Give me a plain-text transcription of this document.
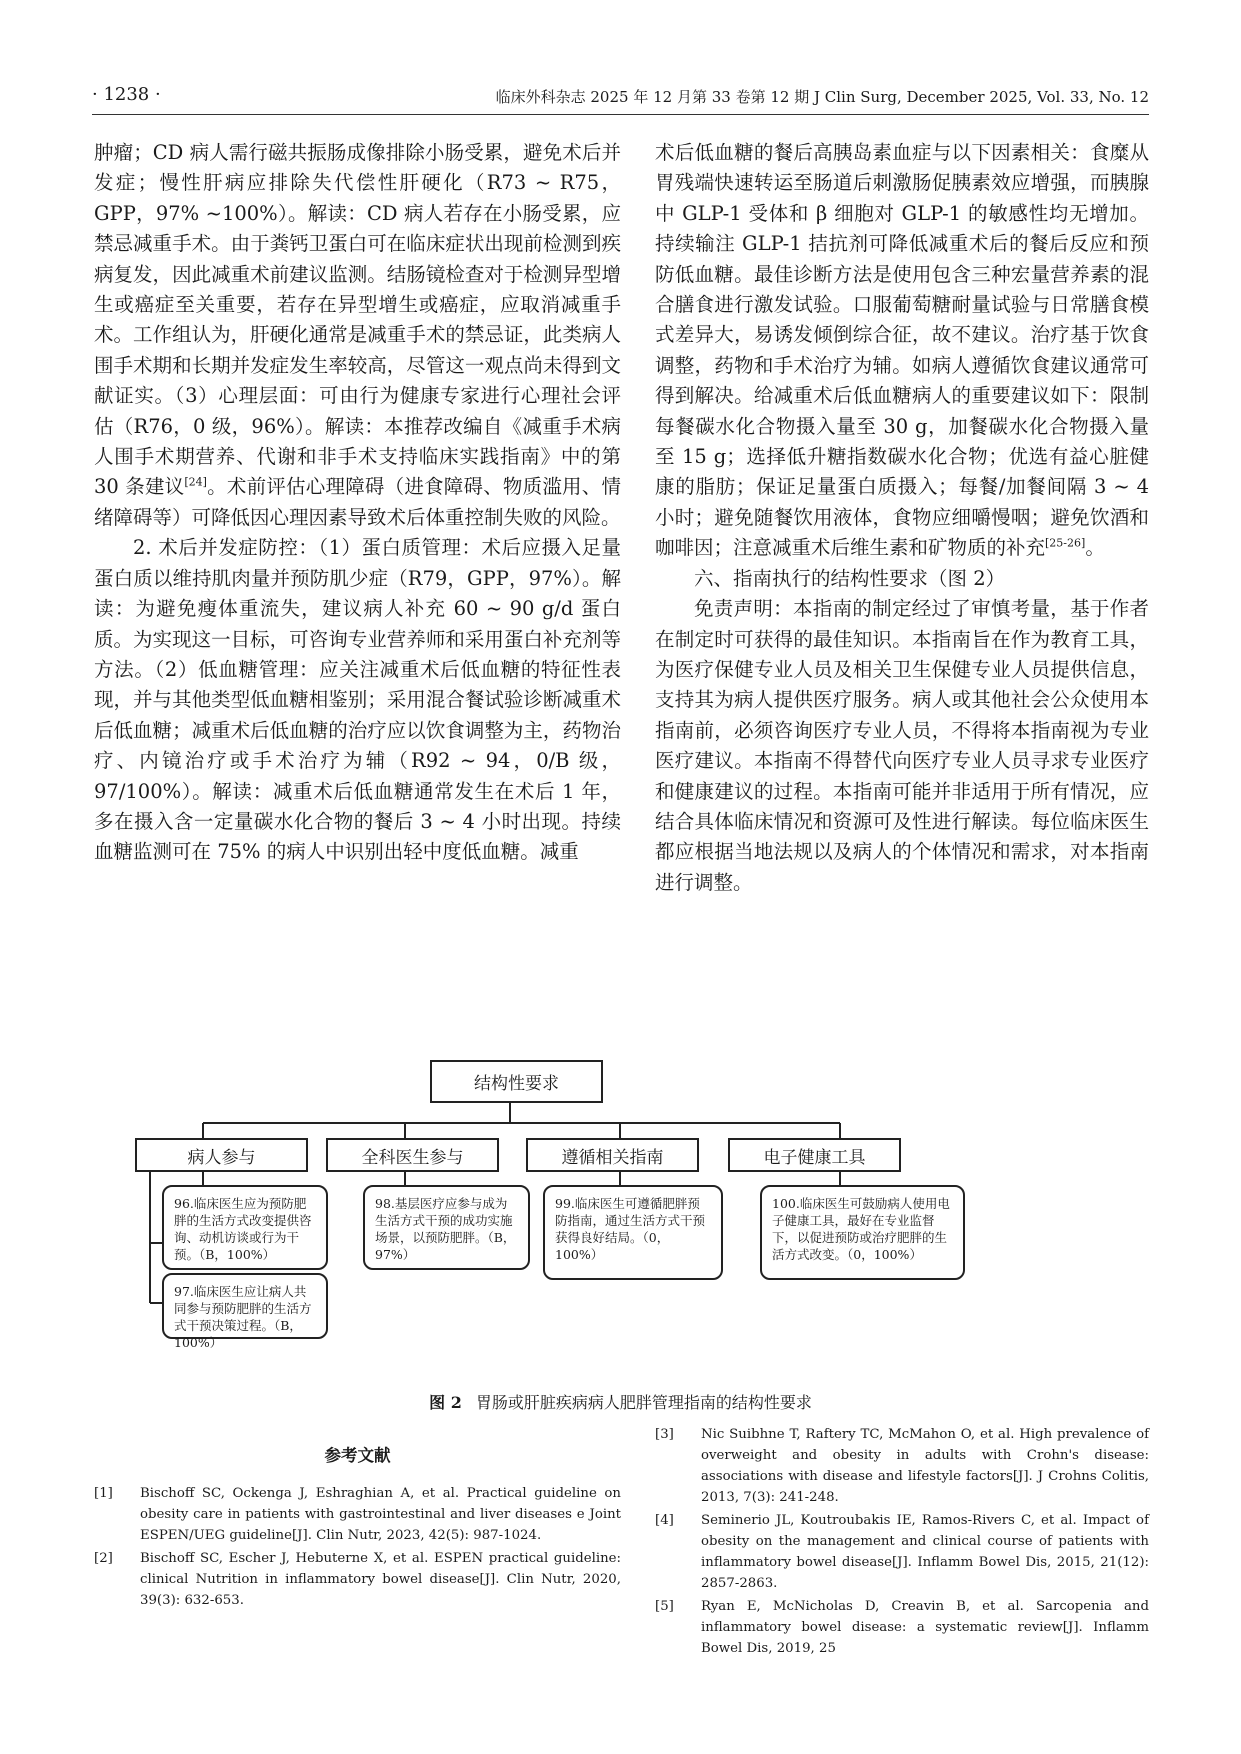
· 1238 ·	临床外科杂志 2025 年 12 月第 33 卷第 12 期 J Clin Surg, December 2025, Vol. 33, No. 12

肿瘤；CD 病人需行磁共振肠成像排除小肠受累，避免术后并发症；慢性肝病应排除失代偿性肝硬化（R73 ~ R75，GPP，97% ~100%）。解读：CD 病人若存在小肠受累，应禁忌减重手术。由于粪钙卫蛋白可在临床症状出现前检测到疾病复发，因此减重术前建议监测。结肠镜检查对于检测异型增生或癌症至关重要，若存在异型增生或癌症，应取消减重手术。工作组认为，肝硬化通常是减重手术的禁忌证，此类病人围手术期和长期并发症发生率较高，尽管这一观点尚未得到文献证实。（3）心理层面：可由行为健康专家进行心理社会评估（R76，0 级，96%）。解读：本推荐改编自《减重手术病人围手术期营养、代谢和非手术支持临床实践指南》中的第 30 条建议[24]。术前评估心理障碍（进食障碍、物质滥用、情绪障碍等）可降低因心理因素导致术后体重控制失败的风险。

2. 术后并发症防控：（1）蛋白质管理：术后应摄入足量蛋白质以维持肌肉量并预防肌少症（R79，GPP，97%）。解读：为避免瘦体重流失，建议病人补充 60 ~ 90 g/d 蛋白质。为实现这一目标，可咨询专业营养师和采用蛋白补充剂等方法。（2）低血糖管理：应关注减重术后低血糖的特征性表现，并与其他类型低血糖相鉴别；采用混合餐试验诊断减重术后低血糖；减重术后低血糖的治疗应以饮食调整为主，药物治疗、内镜治疗或手术治疗为辅（R92 ~ 94，0/B 级，97/100%）。解读：减重术后低血糖通常发生在术后 1 年，多在摄入含一定量碳水化合物的餐后 3 ~ 4 小时出现。持续血糖监测可在 75% 的病人中识别出轻中度低血糖。减重

术后低血糖的餐后高胰岛素血症与以下因素相关：食糜从胃残端快速转运至肠道后刺激肠促胰素效应增强，而胰腺中 GLP-1 受体和 β 细胞对 GLP-1 的敏感性均无增加。持续输注 GLP-1 拮抗剂可降低减重术后的餐后反应和预防低血糖。最佳诊断方法是使用包含三种宏量营养素的混合膳食进行激发试验。口服葡萄糖耐量试验与日常膳食模式差异大，易诱发倾倒综合征，故不建议。治疗基于饮食调整，药物和手术治疗为辅。如病人遵循饮食建议通常可得到解决。给减重术后低血糖病人的重要建议如下：限制每餐碳水化合物摄入量至 30 g，加餐碳水化合物摄入量至 15 g；选择低升糖指数碳水化合物；优选有益心脏健康的脂肪；保证足量蛋白质摄入；每餐/加餐间隔 3 ~ 4 小时；避免随餐饮用液体，食物应细嚼慢咽；避免饮酒和咖啡因；注意减重术后维生素和矿物质的补充[25-26]。

六、指南执行的结构性要求（图 2）

免责声明：本指南的制定经过了审慎考量，基于作者在制定时可获得的最佳知识。本指南旨在作为教育工具，为医疗保健专业人员及相关卫生保健专业人员提供信息，支持其为病人提供医疗服务。病人或其他社会公众使用本指南前，必须咨询医疗专业人员，不得将本指南视为专业医疗建议。本指南不得替代向医疗专业人员寻求专业医疗和健康建议的过程。本指南可能并非适用于所有情况，应结合具体临床情况和资源可及性进行解读。每位临床医生都应根据当地法规以及病人的个体情况和需求，对本指南进行调整。

结构性要求
病人参与	全科医生参与	遵循相关指南	电子健康工具
96.临床医生应为预防肥胖的生活方式改变提供咨询、动机访谈或行为干预。（B，100%）
97.临床医生应让病人共同参与预防肥胖的生活方式干预决策过程。（B，100%）
98.基层医疗应参与成为生活方式干预的成功实施场景，以预防肥胖。（B，97%）
99.临床医生可遵循肥胖预防指南，通过生活方式干预获得良好结局。（0，100%）
100.临床医生可鼓励病人使用电子健康工具，最好在专业监督下，以促进预防或治疗肥胖的生活方式改变。（0，100%）
图 2 胃肠或肝脏疾病病人肥胖管理指南的结构性要求
参考文献
[1] Bischoff SC, Ockenga J, Eshraghian A, et al. Practical guideline on obesity care in patients with gastrointestinal and liver diseases e Joint ESPEN/UEG guideline[J]. Clin Nutr, 2023, 42(5): 987-1024.
[2] Bischoff SC, Escher J, Hebuterne X, et al. ESPEN practical guideline: clinical Nutrition in inflammatory bowel disease[J]. Clin Nutr, 2020, 39(3): 632-653.
[3] Nic Suibhne T, Raftery TC, McMahon O, et al. High prevalence of overweight and obesity in adults with Crohn's disease: associations with disease and lifestyle factors[J]. J Crohns Colitis, 2013, 7(3): 241-248.
[4] Seminerio JL, Koutroubakis IE, Ramos-Rivers C, et al. Impact of obesity on the management and clinical course of patients with inflammatory bowel disease[J]. Inflamm Bowel Dis, 2015, 21(12): 2857-2863.
[5] Ryan E, McNicholas D, Creavin B, et al. Sarcopenia and inflammatory bowel disease: a systematic review[J]. Inflamm Bowel Dis, 2019, 25
